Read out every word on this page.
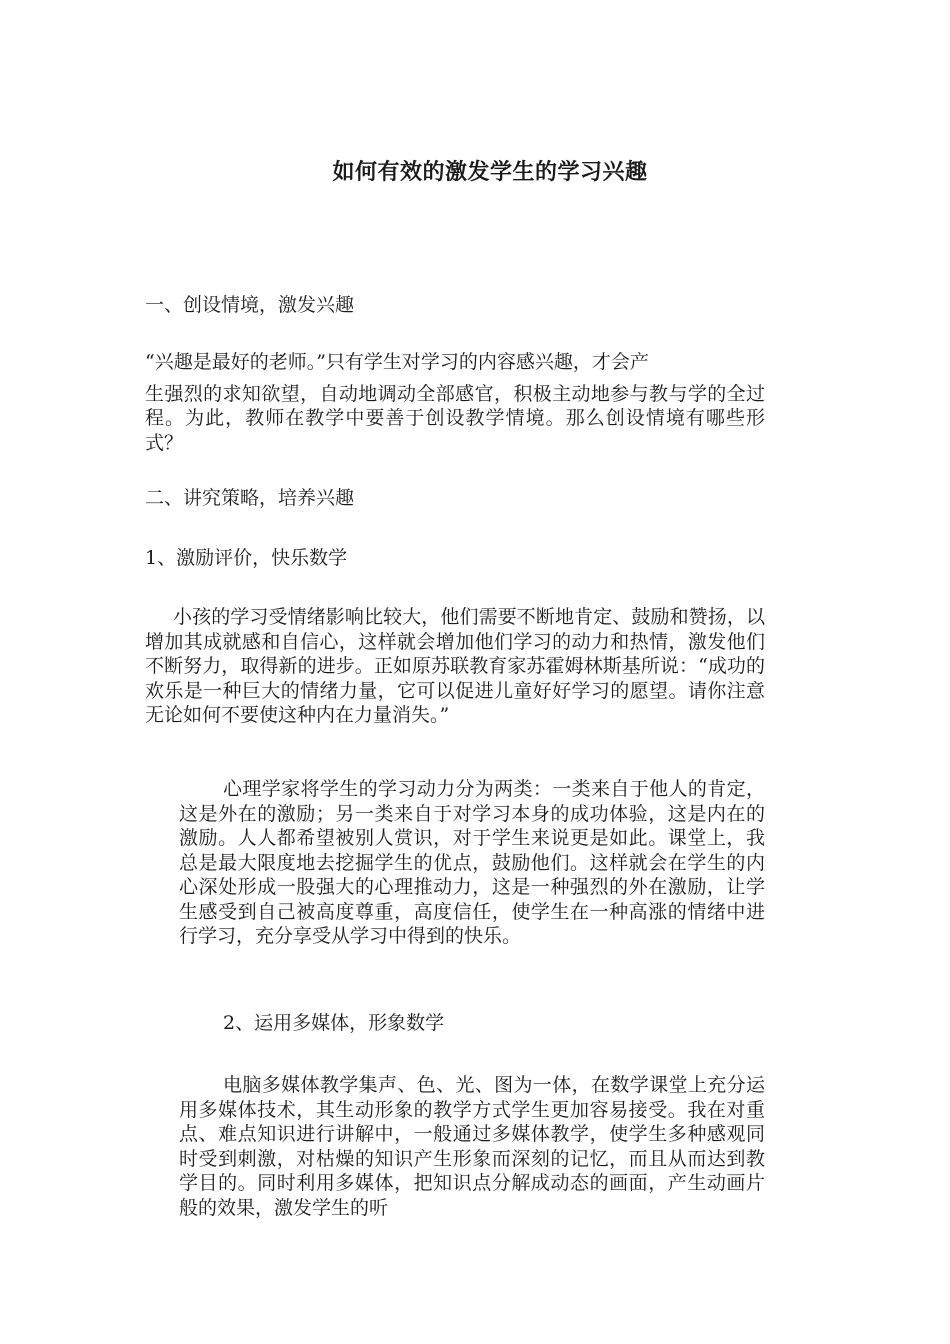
如何有效的激发学生的学习兴趣
一、创设情境，激发兴趣
“兴趣是最好的老师。”只有学生对学习的内容感兴趣，才会产
生强烈的求知欲望，自动地调动全部感官，积极主动地参与教与学的全过程。为此，教师在教学中要善于创设教学情境。那么创设情境有哪些形式？
二、讲究策略，培养兴趣
1、激励评价，快乐数学
小孩的学习受情绪影响比较大，他们需要不断地肯定、鼓励和赞扬，以增加其成就感和自信心，这样就会增加他们学习的动力和热情，激发他们不断努力，取得新的进步。正如原苏联教育家苏霍姆林斯基所说：“成功的欢乐是一种巨大的情绪力量，它可以促进儿童好好学习的愿望。请你注意无论如何不要使这种内在力量消失。”
心理学家将学生的学习动力分为两类：一类来自于他人的肯定，这是外在的激励；另一类来自于对学习本身的成功体验，这是内在的激励。人人都希望被别人赏识，对于学生来说更是如此。课堂上，我总是最大限度地去挖掘学生的优点，鼓励他们。这样就会在学生的内心深处形成一股强大的心理推动力，这是一种强烈的外在激励，让学生感受到自己被高度尊重，高度信任，使学生在一种高涨的情绪中进行学习，充分享受从学习中得到的快乐。
2、运用多媒体，形象数学
电脑多媒体教学集声、色、光、图为一体，在数学课堂上充分运用多媒体技术，其生动形象的教学方式学生更加容易接受。我在对重点、难点知识进行讲解中，一般通过多媒体教学，使学生多种感观同时受到刺激，对枯燥的知识产生形象而深刻的记忆，而且从而达到教学目的。同时利用多媒体，把知识点分解成动态的画面，产生动画片般的效果，激发学生的听
